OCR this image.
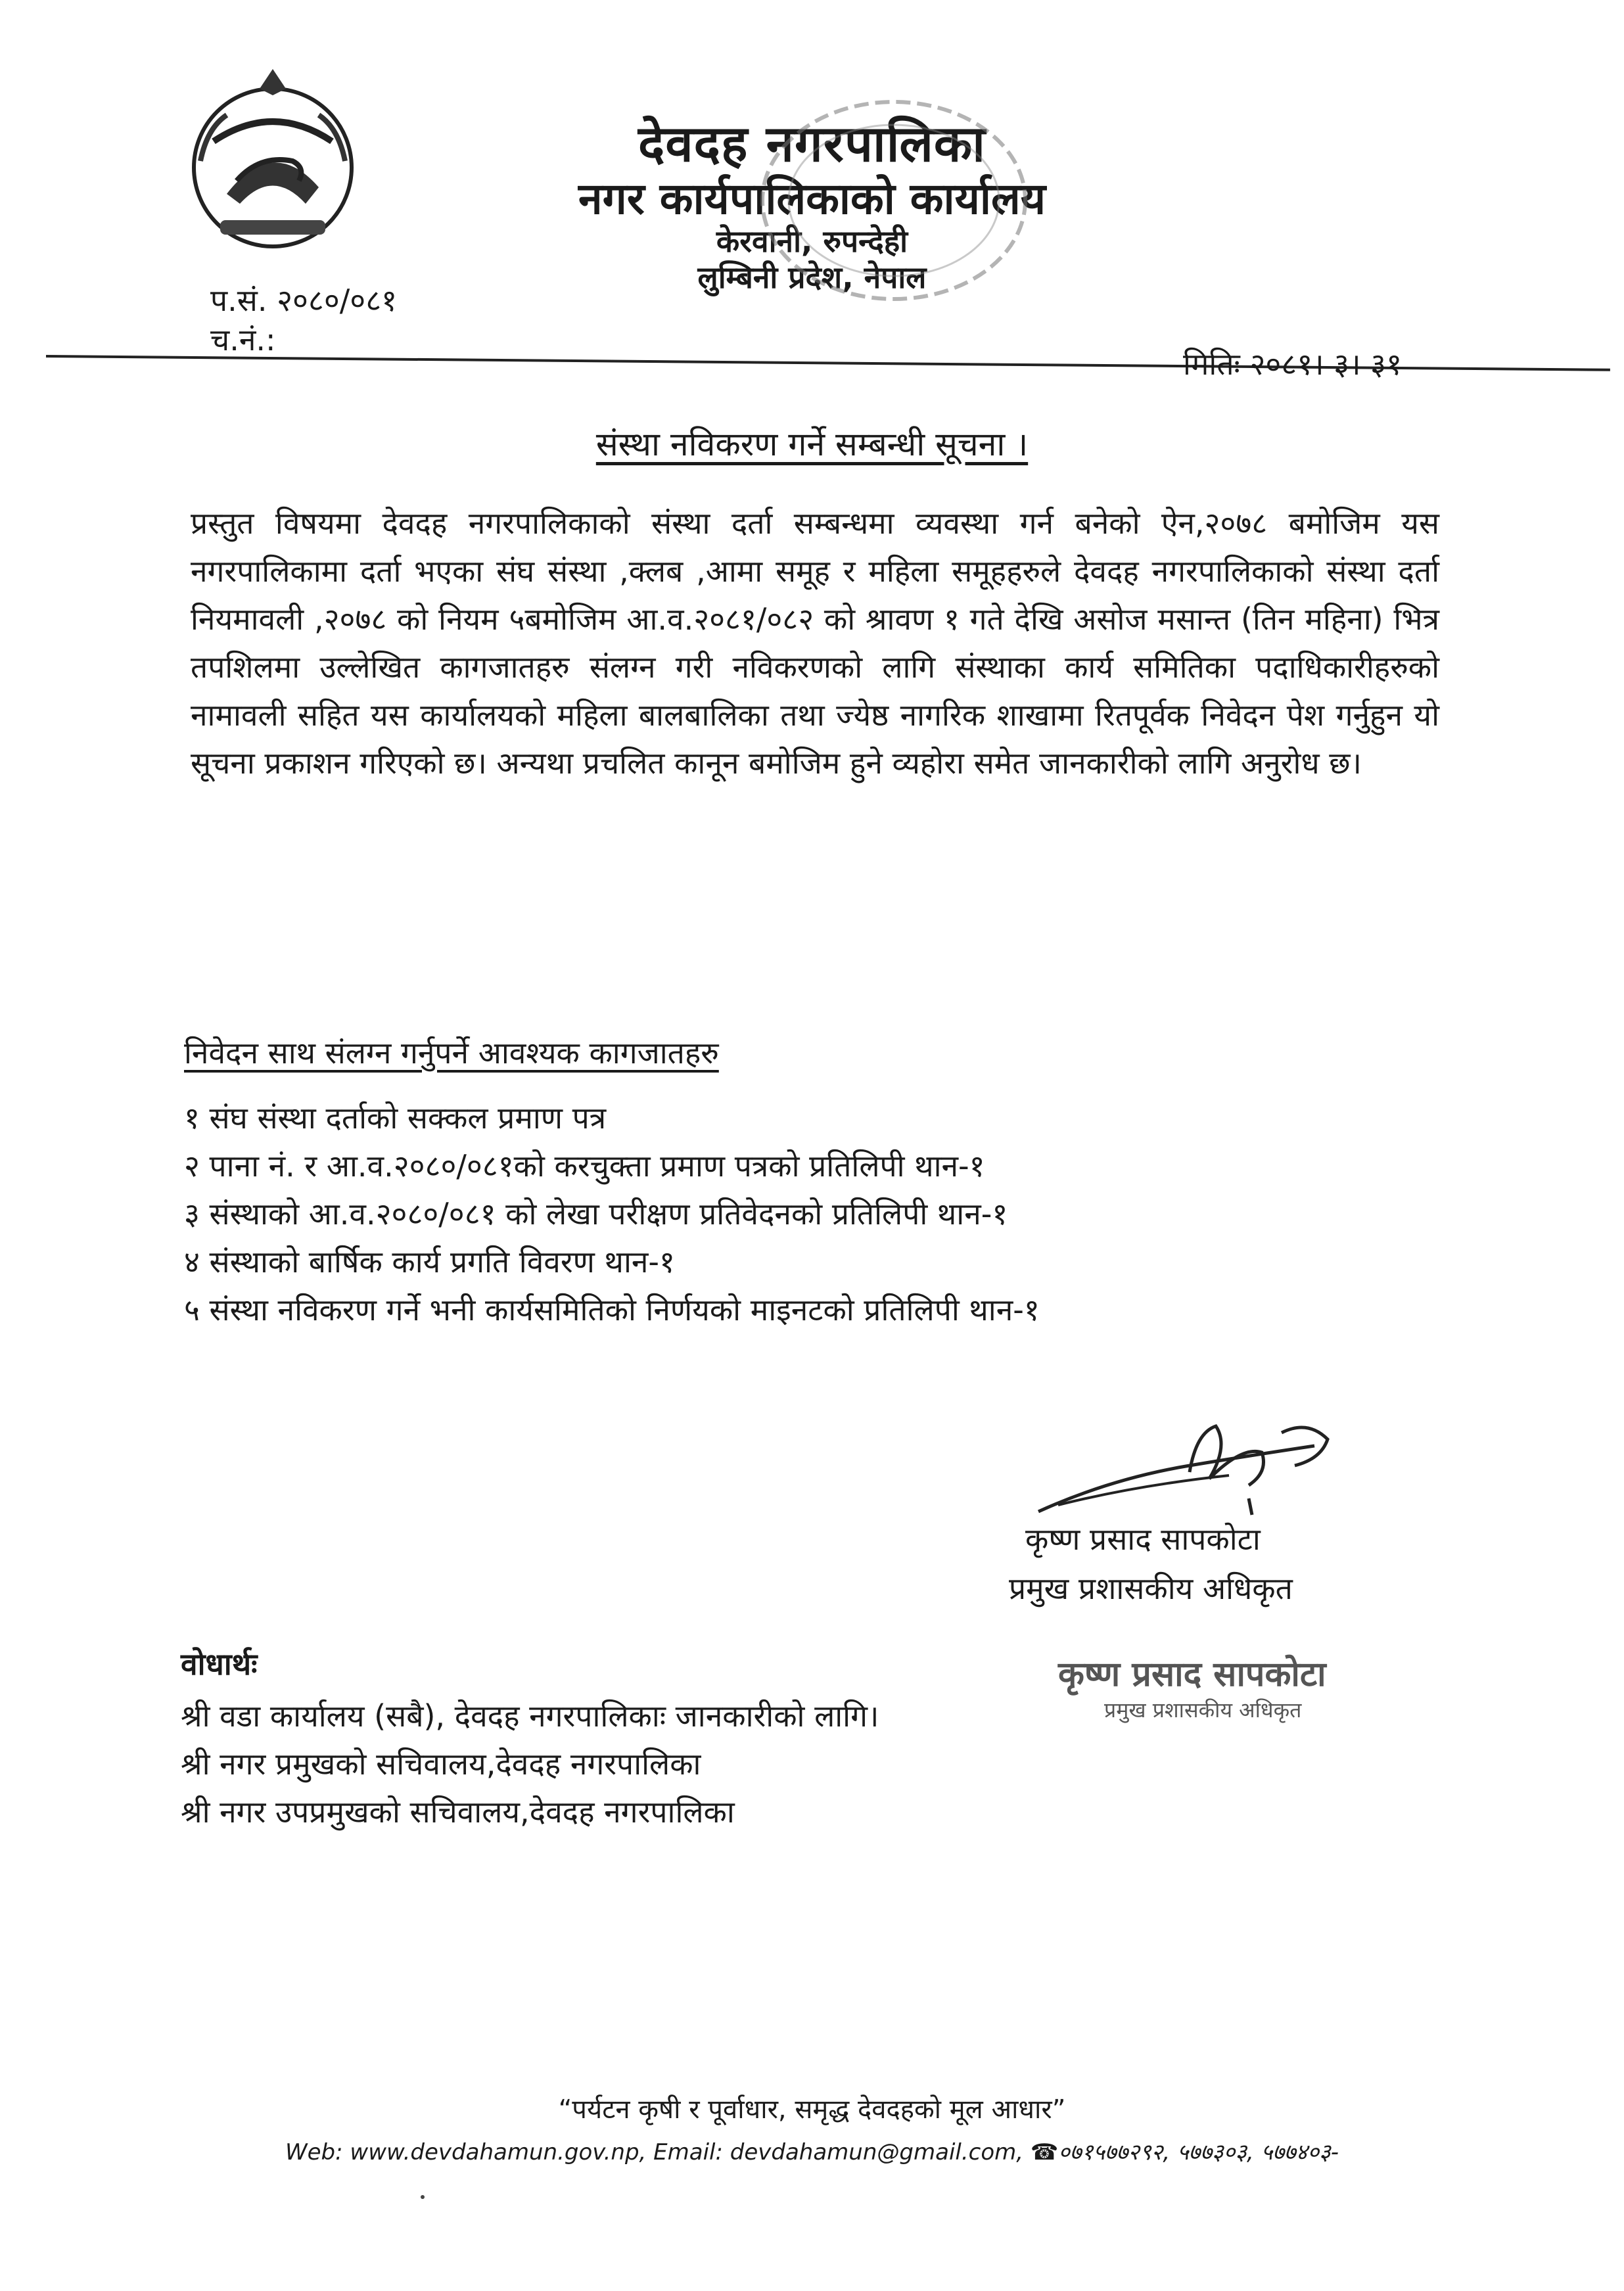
देवदह नगरपालिका
नगर कार्यपालिकाको कार्यालय
केरवानी, रुपन्देही
लुम्बिनी प्रदेश, नेपाल
प.सं. २०८०/०८१
च.नं.:
मितिः २०८१। ३। ३१
संस्था नविकरण गर्ने सम्बन्धी सूचना ।
प्रस्तुत विषयमा देवदह नगरपालिकाको संस्था दर्ता सम्बन्धमा व्यवस्था गर्न बनेको ऐन,२०७८ बमोजिम यस नगरपालिकामा दर्ता भएका संघ संस्था ,क्लब ,आमा समूह र महिला समूहहरुले देवदह नगरपालिकाको संस्था दर्ता नियमावली ,२०७८ को नियम ५बमोजिम आ.व.२०८१/०८२ को श्रावण १ गते देखि असोज मसान्त (तिन महिना) भित्र तपशिलमा उल्लेखित कागजातहरु संलग्न गरी नविकरणको लागि संस्थाका कार्य समितिका पदाधिकारीहरुको नामावली सहित यस कार्यालयको महिला बालबालिका तथा ज्येष्ठ नागरिक शाखामा रितपूर्वक निवेदन पेश गर्नुहुन यो सूचना प्रकाशन गरिएको छ। अन्यथा प्रचलित कानून बमोजिम हुने व्यहोरा समेत जानकारीको लागि अनुरोध छ।
निवेदन साथ संलग्न गर्नुपर्ने आवश्यक कागजातहरु
१ संघ संस्था दर्ताको सक्कल प्रमाण पत्र
२ पाना नं. र आ.व.२०८०/०८१को करचुक्ता प्रमाण पत्रको प्रतिलिपी थान-१
३ संस्थाको आ.व.२०८०/०८१ को लेखा परीक्षण प्रतिवेदनको प्रतिलिपी थान-१
४ संस्थाको बार्षिक कार्य प्रगति विवरण थान-१
५ संस्था नविकरण गर्ने भनी कार्यसमितिको निर्णयको माइनटको प्रतिलिपी थान-१
कृष्ण प्रसाद सापकोटा
प्रमुख प्रशासकीय अधिकृत
वोधार्थः	कृष्ण प्रसाद सापकोटा
प्रमुख प्रशासकीय अधिकृत
श्री वडा कार्यालय (सबै), देवदह नगरपालिकाः जानकारीको लागि।
श्री नगर प्रमुखको सचिवालय,देवदह नगरपालिका
श्री नगर उपप्रमुखको सचिवालय,देवदह नगरपालिका
“पर्यटन कृषी र पूर्वाधार, समृद्ध देवदहको मूल आधार”
Web: www.devdahamun.gov.np, Email: devdahamun@gmail.com, ☎०७१५७७२९२, ५७७३०३, ५७७४०३-
